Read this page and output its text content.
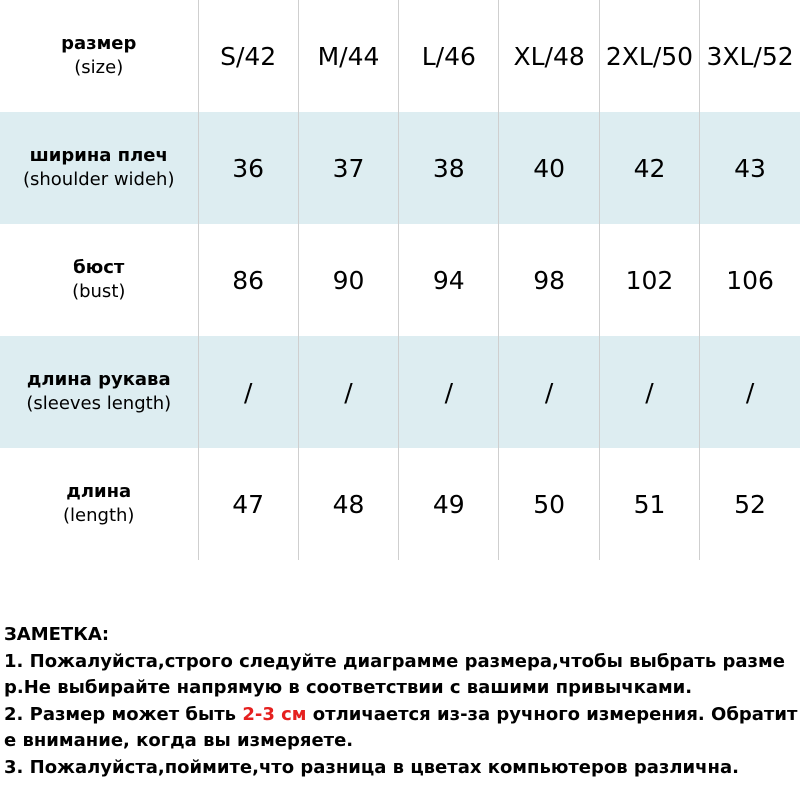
размер
(size)	S/42	M/44	L/46	XL/48	2XL/50	3XL/52

ширина плеч
(shoulder wideh)	36	37	38	40	42	43

бюст
(bust)	86	90	94	98	102	106

длина рукава
(sleeves length)	/	/	/	/	/	/

длина
(length)	47	48	49	50	51	52

ЗАМЕТКА:

1. Пожалуйста,строго следуйте диаграмме размера,чтобы выбрать размер.Не выбирайте напрямую в соответствии с вашими привычками.

2. Размер может быть 2-3 см отличается из-за ручного измерения. Обратите внимание, когда вы измеряете.

3. Пожалуйста,поймите,что разница в цветах компьютеров различна.
